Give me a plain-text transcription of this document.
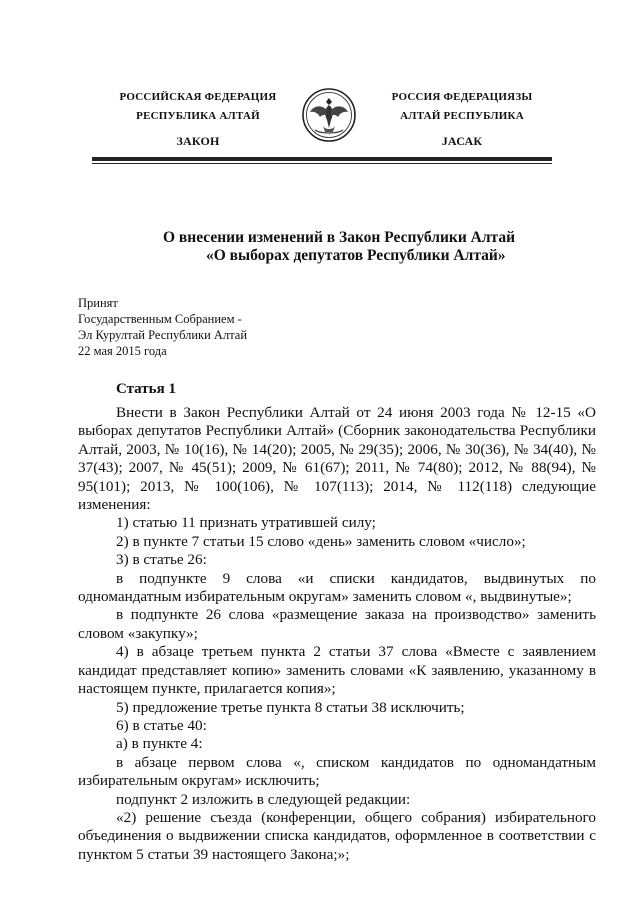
РОССИЙСКАЯ ФЕДЕРАЦИЯ
РЕСПУБЛИКА АЛТАЙ
ЗАКОН
РОССИЯ ФЕДЕРАЦИЯЗЫ
АЛТАЙ РЕСПУБЛИКА
JАСАК
О внесении изменений в Закон Республики Алтай
«О выборах депутатов Республики Алтай»
Принят
Государственным Собранием -
Эл Курултай Республики Алтай
22 мая 2015 года
Статья 1

Внести в Закон Республики Алтай от 24 июня 2003 года № 12-15 «О выборах депутатов Республики Алтай» (Сборник законодательства Республики Алтай, 2003, № 10(16), № 14(20); 2005, № 29(35); 2006, № 30(36), № 34(40), № 37(43); 2007, № 45(51); 2009, № 61(67); 2011, № 74(80); 2012, № 88(94), № 95(101); 2013, № 100(106), № 107(113); 2014, № 112(118) следующие изменения:

1) статью 11 признать утратившей силу;

2) в пункте 7 статьи 15 слово «день» заменить словом «число»;

3) в статье 26:

в подпункте 9 слова «и списки кандидатов, выдвинутых по одномандатным избирательным округам» заменить словом «, выдвинутые»;

в подпункте 26 слова «размещение заказа на производство» заменить словом «закупку»;

4) в абзаце третьем пункта 2 статьи 37 слова «Вместе с заявлением кандидат представляет копию» заменить словами «К заявлению, указанному в настоящем пункте, прилагается копия»;

5) предложение третье пункта 8 статьи 38 исключить;

6) в статье 40:

а) в пункте 4:

в абзаце первом слова «, списком кандидатов по одномандатным избирательным округам» исключить;

подпункт 2 изложить в следующей редакции:

«2) решение съезда (конференции, общего собрания) избирательного объединения о выдвижении списка кандидатов, оформленное в соответствии с пунктом 5 статьи 39 настоящего Закона;»;
